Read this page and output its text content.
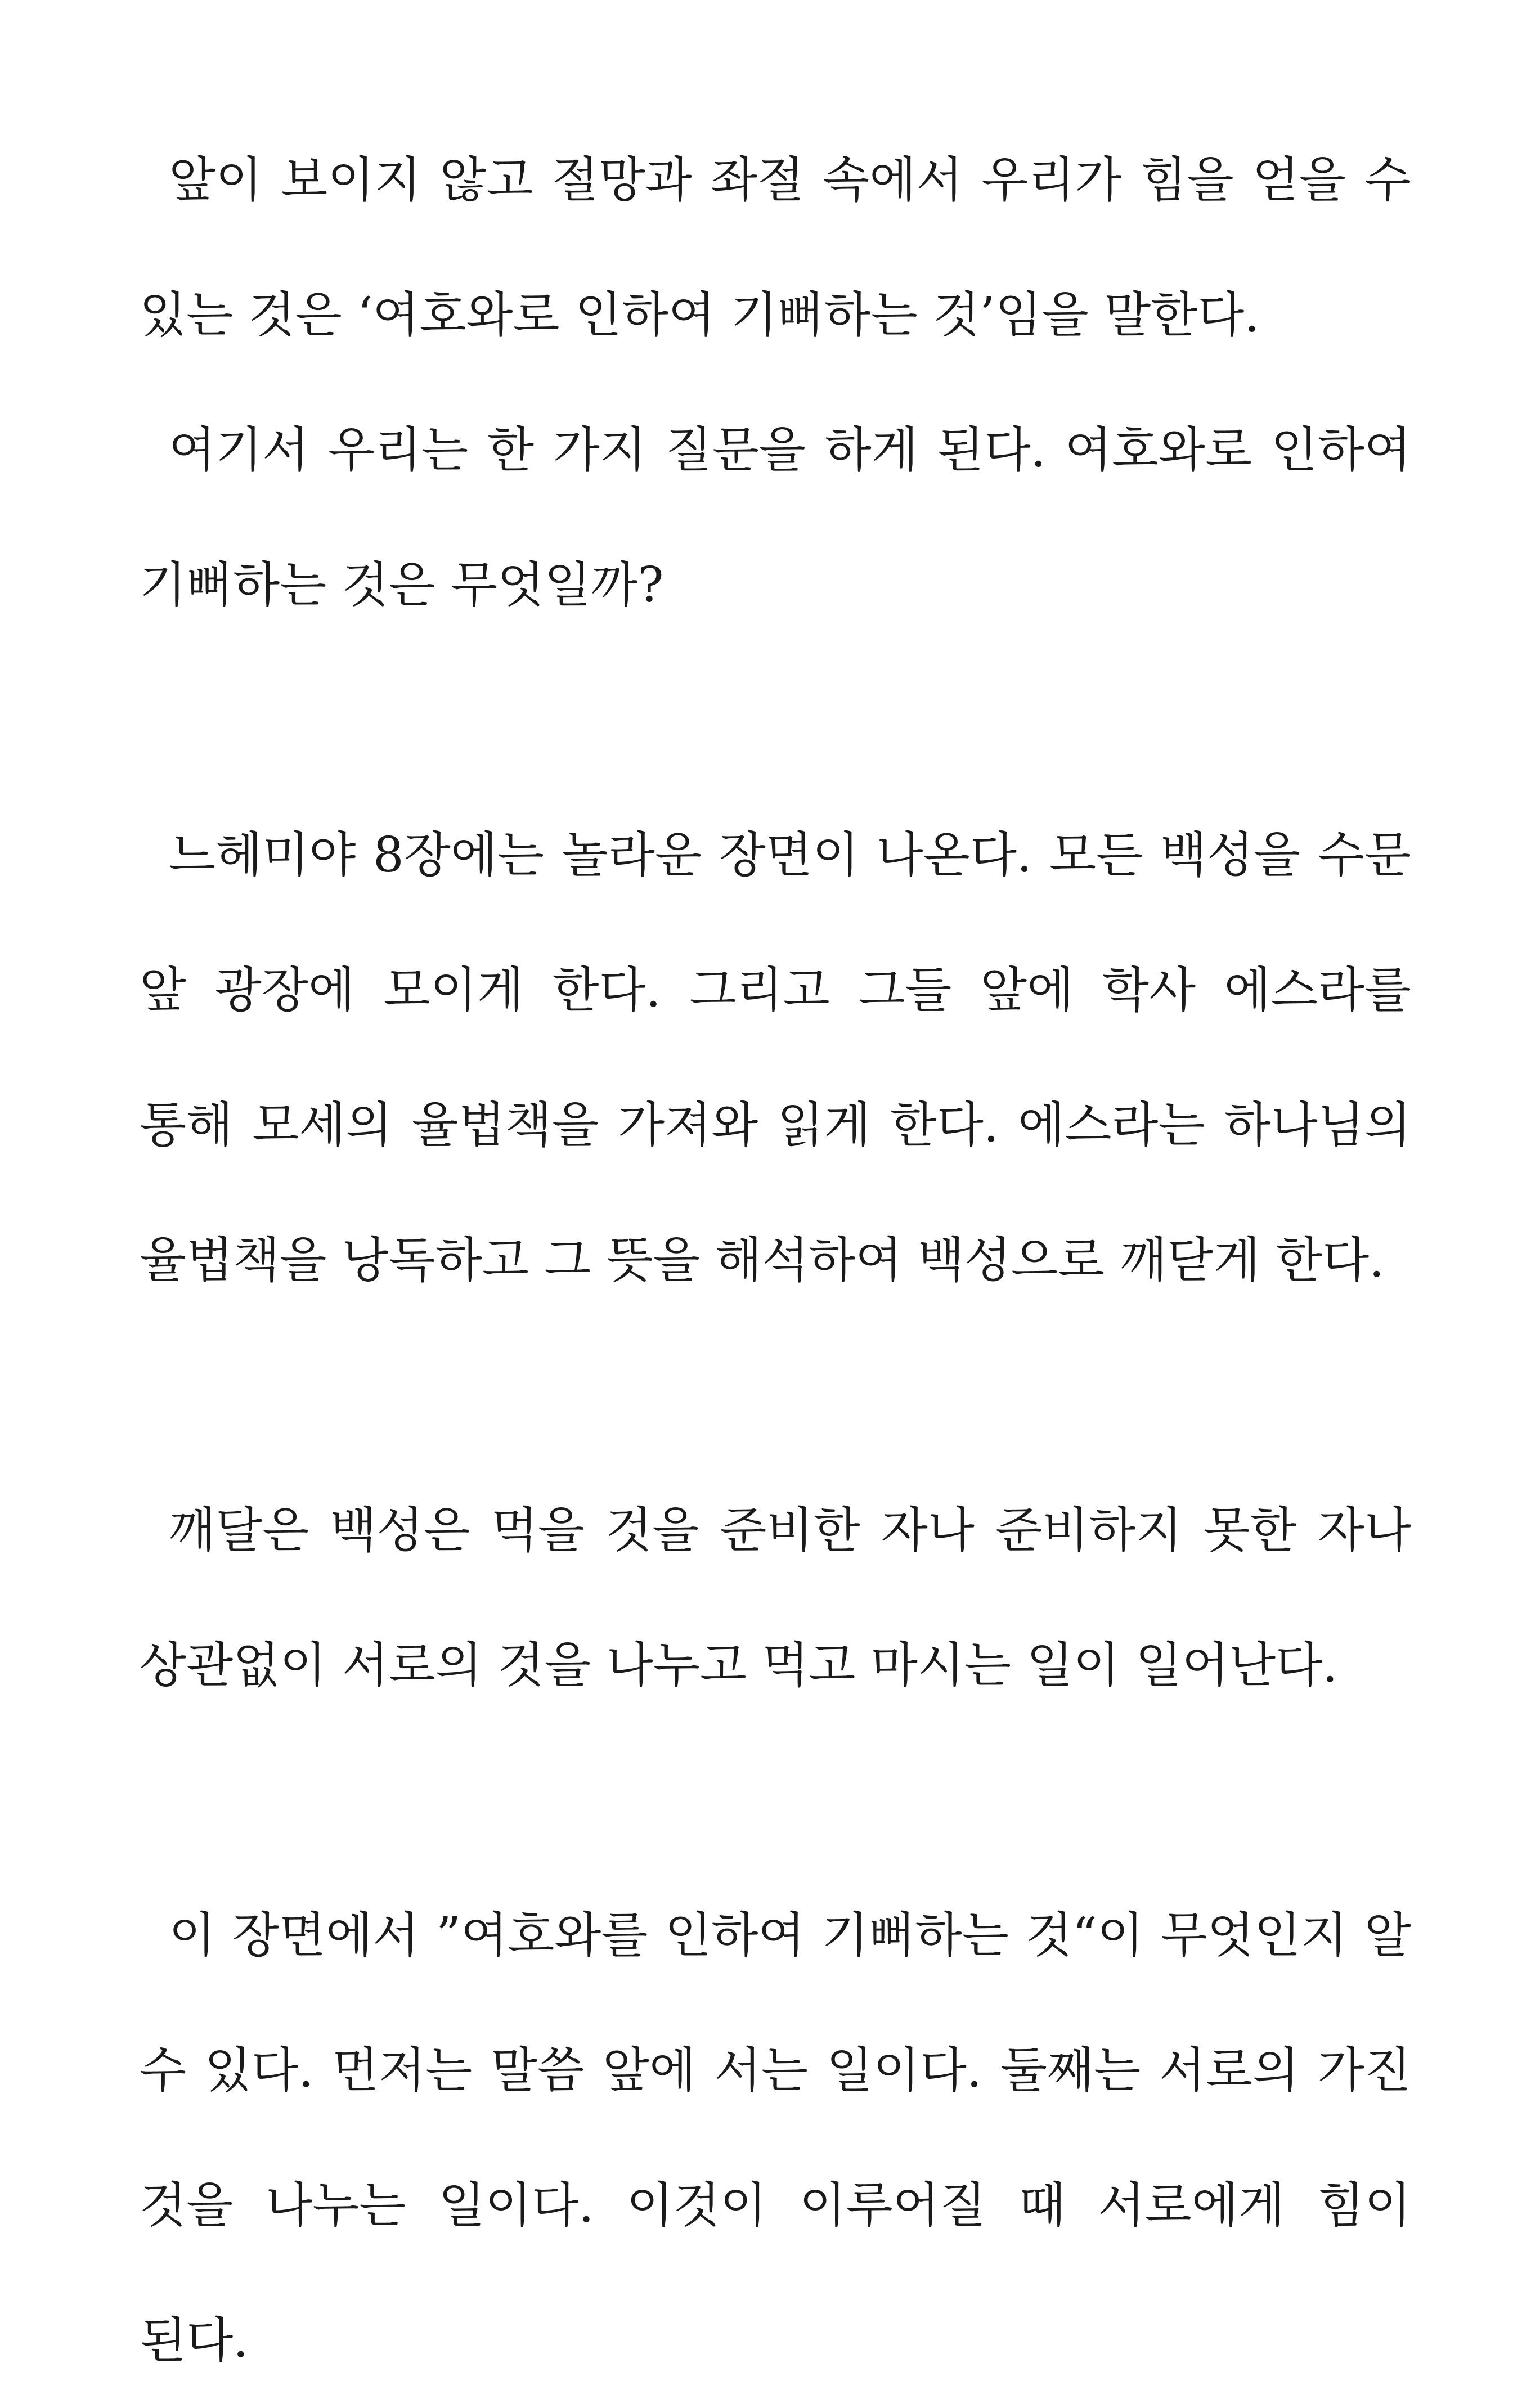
앞이 보이지 않고 절망과 좌절 속에서 우리가 힘을 얻을 수 있는 것은 ‘여호와로 인하여 기뻐하는 것’임을 말한다.

여기서 우리는 한 가지 질문을 하게 된다. 여호와로 인하여 기뻐하는 것은 무엇일까?

느헤미야 8장에는 놀라운 장면이 나온다. 모든 백성을 수문 앞 광장에 모이게 한다. 그리고 그들 앞에 학사 에스라를 통해 모세의 율법책을 가져와 읽게 한다. 에스라는 하나님의 율법책을 낭독하고 그 뜻을 해석하여 백성으로 깨닫게 한다.

깨달은 백성은 먹을 것을 준비한 자나 준비하지 못한 자나 상관없이 서로의 것을 나누고 먹고 마시는 일이 일어난다.

이 장면에서 ”여호와를 인하여 기뻐하는 것“이 무엇인지 알 수 있다. 먼저는 말씀 앞에 서는 일이다. 둘째는 서로의 가진 것을 나누는 일이다. 이것이 이루어질 때 서로에게 힘이 된다.
